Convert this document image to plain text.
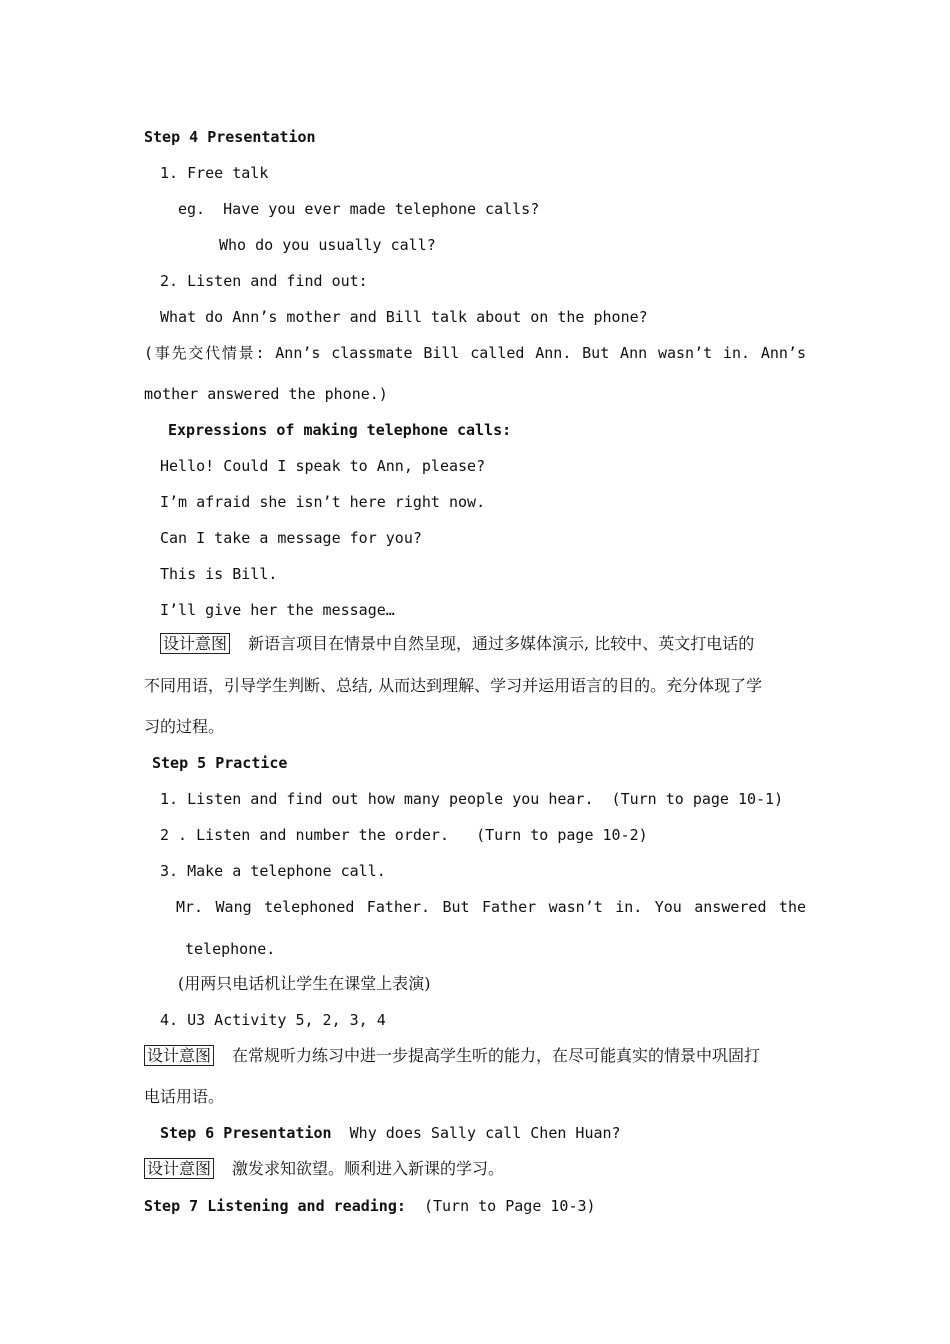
Step 4 Presentation
1. Free talk
eg.  Have you ever made telephone calls?
Who do you usually call?
2. Listen and find out:
What do Ann’s mother and Bill talk about on the phone?
(事先交代情景: Ann’s classmate Bill called Ann. But Ann wasn’t in. Ann’s
mother answered the phone.)
Expressions of making telephone calls:
Hello! Could I speak to Ann, please?
I’m afraid she isn’t here right now.
Can I take a message for you?
This is Bill.
I’ll give her the message…
设计意图 新语言项目在情景中自然呈现，通过多媒体演示, 比较中、英文打电话的
不同用语，引导学生判断、总结, 从而达到理解、学习并运用语言的目的。充分体现了学
习的过程。
Step 5 Practice
1. Listen and find out how many people you hear.  (Turn to page 10-1)
2 . Listen and number the order.   (Turn to page 10-2)
3. Make a telephone call.
Mr. Wang telephoned Father. But Father wasn’t in. You answered the
telephone.
(用两只电话机让学生在课堂上表演)
4. U3 Activity 5, 2, 3, 4
设计意图 在常规听力练习中进一步提高学生听的能力，在尽可能真实的情景中巩固打
电话用语。
Step 6 Presentation Why does Sally call Chen Huan?
设计意图 激发求知欲望。顺利进入新课的学习。
Step 7 Listening and reading: (Turn to Page 10-3)
